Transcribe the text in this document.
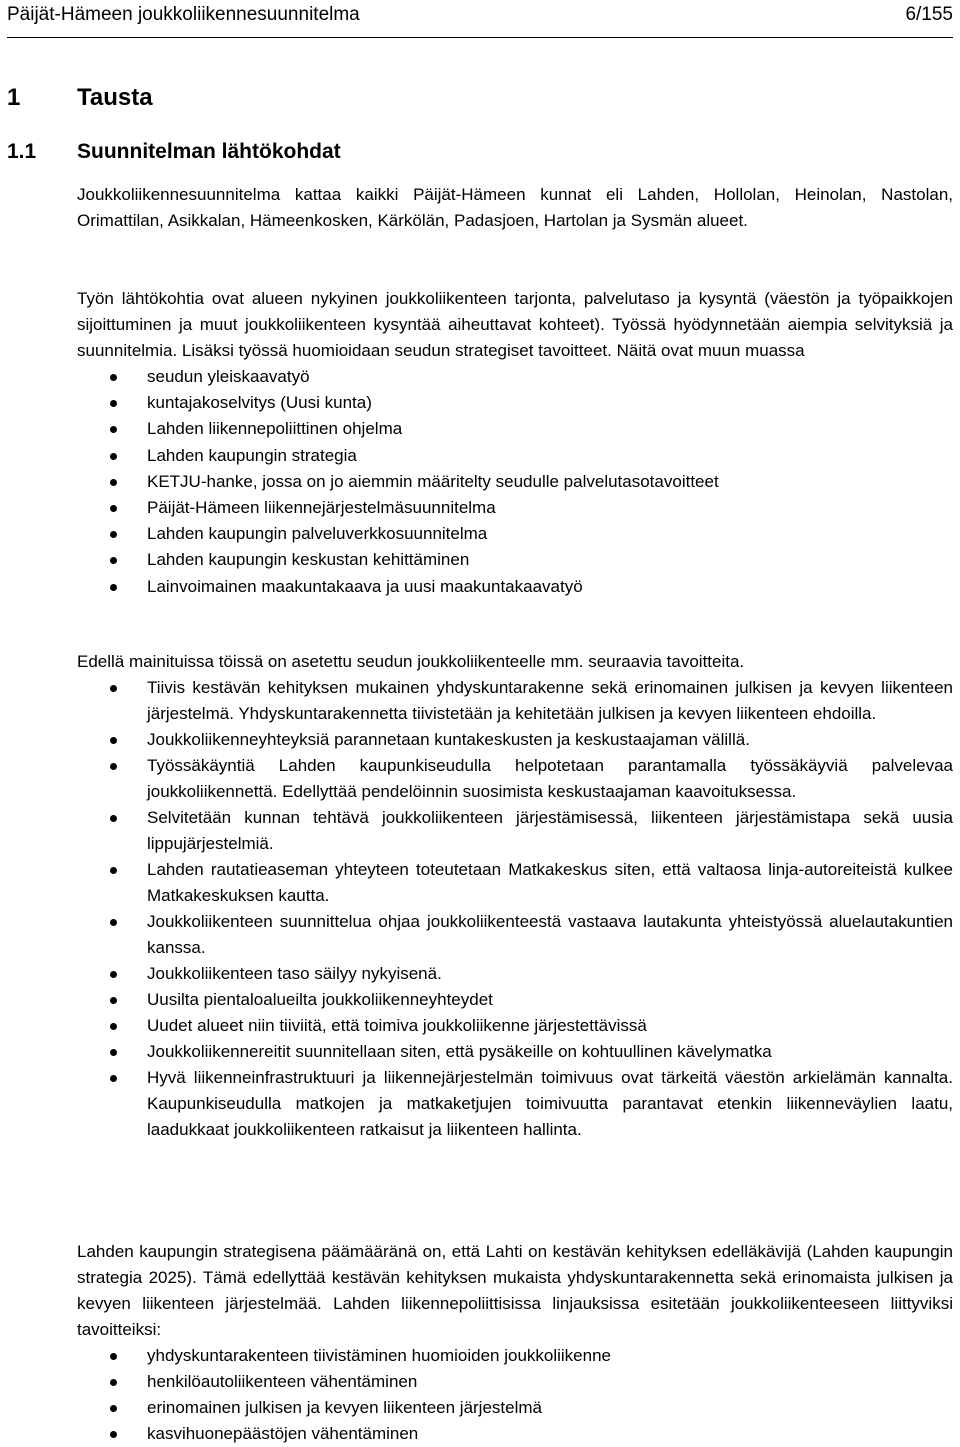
Päijät-Hämeen joukkoliikennesuunnitelma	6/155
1 Tausta
1.1 Suunnitelman lähtökohdat

Joukkoliikennesuunnitelma kattaa kaikki Päijät-Hämeen kunnat eli Lahden, Hollolan, Heinolan, Nastolan, Orimattilan, Asikkalan, Hämeenkosken, Kärkölän, Padasjoen, Hartolan ja Sysmän alueet.

Työn lähtökohtia ovat alueen nykyinen joukkoliikenteen tarjonta, palvelutaso ja kysyntä (väestön ja työpaikkojen sijoittuminen ja muut joukkoliikenteen kysyntää aiheuttavat kohteet). Työssä hyödynnetään aiempia selvityksiä ja suunnitelmia. Lisäksi työssä huomioidaan seudun strategiset tavoitteet. Näitä ovat muun muassa

seudun yleiskaavatyö
kuntajakoselvitys (Uusi kunta)
Lahden liikennepoliittinen ohjelma
Lahden kaupungin strategia
KETJU-hanke, jossa on jo aiemmin määritelty seudulle palvelutasotavoitteet
Päijät-Hämeen liikennejärjestelmäsuunnitelma
Lahden kaupungin palveluverkkosuunnitelma
Lahden kaupungin keskustan kehittäminen
Lainvoimainen maakuntakaava ja uusi maakuntakaavatyö

Edellä mainituissa töissä on asetettu seudun joukkoliikenteelle mm. seuraavia tavoitteita.

Tiivis kestävän kehityksen mukainen yhdyskuntarakenne sekä erinomainen julkisen ja kevyen liikenteen järjestelmä. Yhdyskuntarakennetta tiivistetään ja kehitetään julkisen ja kevyen liikenteen ehdoilla.
Joukkoliikenneyhteyksiä parannetaan kuntakeskusten ja keskustaajaman välillä.
Työssäkäyntiä Lahden kaupunkiseudulla helpotetaan parantamalla työssäkäyviä palvelevaa joukkoliikennettä. Edellyttää pendelöinnin suosimista keskustaajaman kaavoituksessa.
Selvitetään kunnan tehtävä joukkoliikenteen järjestämisessä, liikenteen järjestämistapa sekä uusia lippujärjestelmiä.
Lahden rautatieaseman yhteyteen toteutetaan Matkakeskus siten, että valtaosa linja-autoreiteistä kulkee Matkakeskuksen kautta.
Joukkoliikenteen suunnittelua ohjaa joukkoliikenteestä vastaava lautakunta yhteistyössä aluelautakuntien kanssa.
Joukkoliikenteen taso säilyy nykyisenä.
Uusilta pientaloalueilta joukkoliikenneyhteydet
Uudet alueet niin tiiviitä, että toimiva joukkoliikenne järjestettävissä
Joukkoliikennereitit suunnitellaan siten, että pysäkeille on kohtuullinen kävelymatka
Hyvä liikenneinfrastruktuuri ja liikennejärjestelmän toimivuus ovat tärkeitä väestön arkielämän kannalta. Kaupunkiseudulla matkojen ja matkaketjujen toimivuutta parantavat etenkin liikenneväylien laatu, laadukkaat joukkoliikenteen ratkaisut ja liikenteen hallinta.

Lahden kaupungin strategisena päämääränä on, että Lahti on kestävän kehityksen edelläkävijä (Lahden kaupungin strategia 2025). Tämä edellyttää kestävän kehityksen mukaista yhdyskuntarakennetta sekä erinomaista julkisen ja kevyen liikenteen järjestelmää. Lahden liikennepoliittisissa linjauksissa esitetään joukkoliikenteeseen liittyviksi tavoitteiksi:

yhdyskuntarakenteen tiivistäminen huomioiden joukkoliikenne
henkilöautoliikenteen vähentäminen
erinomainen julkisen ja kevyen liikenteen järjestelmä
kasvihuonepäästöjen vähentäminen
